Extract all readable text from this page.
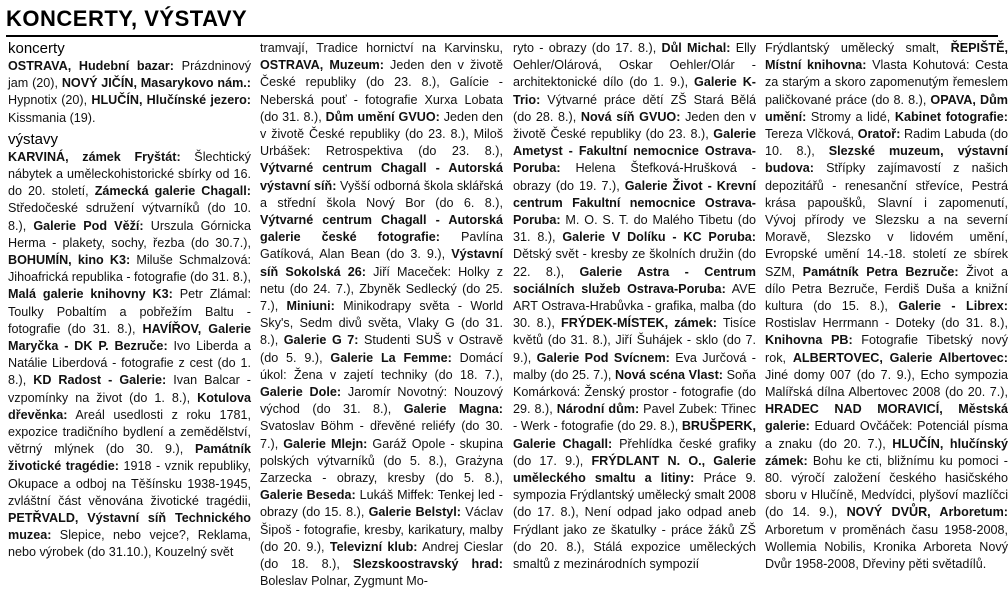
KONCERTY, VÝSTAVY
koncerty

OSTRAVA, Hudební bazar: Prázdninový jam (20), NOVÝ JIČÍN, Masarykovo nám.: Hypnotix (20), HLUČÍN, Hlučínské jezero: Kissmania (19).

výstavy

KARVINÁ, zámek Fryštát: Šlechtický nábytek a uměleckohistorické sbírky od 16. do 20. století, Zámecká galerie Chagall: Středočeské sdružení výtvarníků (do 10. 8.), Galerie Pod Věží: Urszula Górnicka Herma - plakety, sochy, řezba (do 30.7.), BOHUMÍN, kino K3: Miluše Schmalzová: Jihoafrická republika - fotografie (do 31. 8.), Malá galerie knihovny K3: Petr Zlámal: Toulky Pobaltím a pobřežím Baltu - fotografie (do 31. 8.), HAVÍŘOV, Galerie Maryčka - DK P. Bezruče: Ivo Liberda a Natálie Liberdová - fotografie z cest (do 1. 8.), KD Radost - Galerie: Ivan Balcar - vzpomínky na život (do 1. 8.), Kotulova dřevěnka: Areál usedlosti z roku 1781, expozice tradičního bydlení a zemědělství, větrný mlýnek (do 30. 9.), Památník životické tragédie: 1918 - vznik republiky, Okupace a odboj na Těšínsku 1938-1945, zvláštní část věnována životické tragédii, PETŘVALD, Výstavní síň Technického muzea: Slepice, nebo vejce?, Reklama, nebo výrobek (do 31.10.), Kouzelný svět

tramvají, Tradice hornictví na Karvinsku, OSTRAVA, Muzeum: Jeden den v životě České republiky (do 23. 8.), Galície - Neberská pouť - fotografie Xurxa Lobata (do 31. 8.), Dům umění GVUO: Jeden den v životě České republiky (do 23. 8.), Miloš Urbášek: Retrospektiva (do 23. 8.), Výtvarné centrum Chagall - Autorská výstavní síň: Vyšší odborná škola sklářská a střední škola Nový Bor (do 6. 8.), Výtvarné centrum Chagall - Autorská galerie české fotografie: Pavlína Gatíková, Alan Bean (do 3. 9.), Výstavní síň Sokolská 26: Jiří Maceček: Holky z netu (do 24. 7.), Zbyněk Sedlecký (do 25. 7.), Miniuni: Minikodrapy světa - World Sky's, Sedm divů světa, Vlaky G (do 31. 8.), Galerie G 7: Studenti SUŠ v Ostravě (do 5. 9.), Galerie La Femme: Domácí úkol: Žena v zajetí techniky (do 18. 7.), Galerie Dole: Jaromír Novotný: Nouzový východ (do 31. 8.), Galerie Magna: Svatoslav Böhm - dřevěné reliéfy (do 30. 7.), Galerie Mlejn: Garáž Opole - skupina polských výtvarníků (do 5. 8.), Grażyna Zarzecka - obrazy, kresby (do 5. 8.), Galerie Beseda: Lukáš Miffek: Tenkej led - obrazy (do 15. 8.), Galerie Belstyl: Václav Šipoš - fotografie, kresby, karikatury, malby (do 20. 9.), Televizní klub: Andrej Cieslar (do 18. 8.), Slezskoostravský hrad: Boleslav Polnar, Zygmunt Mo-

ryto - obrazy (do 17. 8.), Důl Michal: Elly Oehler/Olárová, Oskar Oehler/Olár - architektonické dílo (do 1. 9.), Galerie K-Trio: Výtvarné práce dětí ZŠ Stará Bělá (do 28. 8.), Nová síň GVUO: Jeden den v životě České republiky (do 23. 8.), Galerie Ametyst - Fakultní nemocnice Ostrava-Poruba: Helena Štefková-Hrušková - obrazy (do 19. 7.), Galerie Život - Krevní centrum Fakultní nemocnice Ostrava-Poruba: M. O. S. T. do Malého Tibetu (do 31. 8.), Galerie V Dolíku - KC Poruba: Dětský svět - kresby ze školních družin (do 22. 8.), Galerie Astra - Centrum sociálních služeb Ostrava-Poruba: AVE ART Ostrava-Hrabůvka - grafika, malba (do 30. 8.), FRÝDEK-MÍSTEK, zámek: Tisíce květů (do 31. 8.), Jiří Šuhájek - sklo (do 7. 9.), Galerie Pod Svícnem: Eva Jurčová - malby (do 25. 7.), Nová scéna Vlast: Soňa Komárková: Ženský prostor - fotografie (do 29. 8.), Národní dům: Pavel Zubek: Třinec - Werk - fotografie (do 29. 8.), BRUŠPERK, Galerie Chagall: Přehlídka české grafiky (do 17. 9.), FRÝDLANT N. O., Galerie uměleckého smaltu a litiny: Práce 9. sympozia Frýdlantský umělecký smalt 2008 (do 17. 8.), Není odpad jako odpad aneb Frýdlant jako ze škatulky - práce žáků ZŠ (do 20. 8.), Stálá expozice uměleckých smaltů z mezinárodních sympozií

Frýdlantský umělecký smalt, ŘEPIŠTĚ, Místní knihovna: Vlasta Kohutová: Cesta za starým a skoro zapomenutým řemeslem paličkované práce (do 8. 8.), OPAVA, Dům umění: Stromy a lidé, Kabinet fotografie: Tereza Vlčková, Oratoř: Radim Labuda (do 10. 8.), Slezské muzeum, výstavní budova: Střípky zajímavostí z našich depozitářů - renesanční střevíce, Pestrá krása papoušků, Slavní i zapomenutí, Vývoj přírody ve Slezsku a na severní Moravě, Slezsko v lidovém umění, Evropské umění 14.-18. století ze sbírek SZM, Památník Petra Bezruče: Život a dílo Petra Bezruče, Ferdiš Duša a knižní kultura (do 15. 8.), Galerie - Librex: Rostislav Herrmann - Doteky (do 31. 8.), Knihovna PB: Fotografie Tibetský nový rok, ALBERTOVEC, Galerie Albertovec: Jiné domy 007 (do 7. 9.), Echo sympozia Malířská dílna Albertovec 2008 (do 20. 7.), HRADEC NAD MORAVICÍ, Městská galerie: Eduard Ovčáček: Potenciál písma a znaku (do 20. 7.), HLUČÍN, hlučínský zámek: Bohu ke cti, bližnímu ku pomoci - 80. výročí založení českého hasičského sboru v Hlučíně, Medvídci, plyšoví mazlíčci (do 14. 9.), NOVÝ DVŮR, Arboretum: Arboretum v proměnách času 1958-2008, Wollemia Nobilis, Kronika Arboreta Nový Dvůr 1958-2008, Dřeviny pěti světadílů.
